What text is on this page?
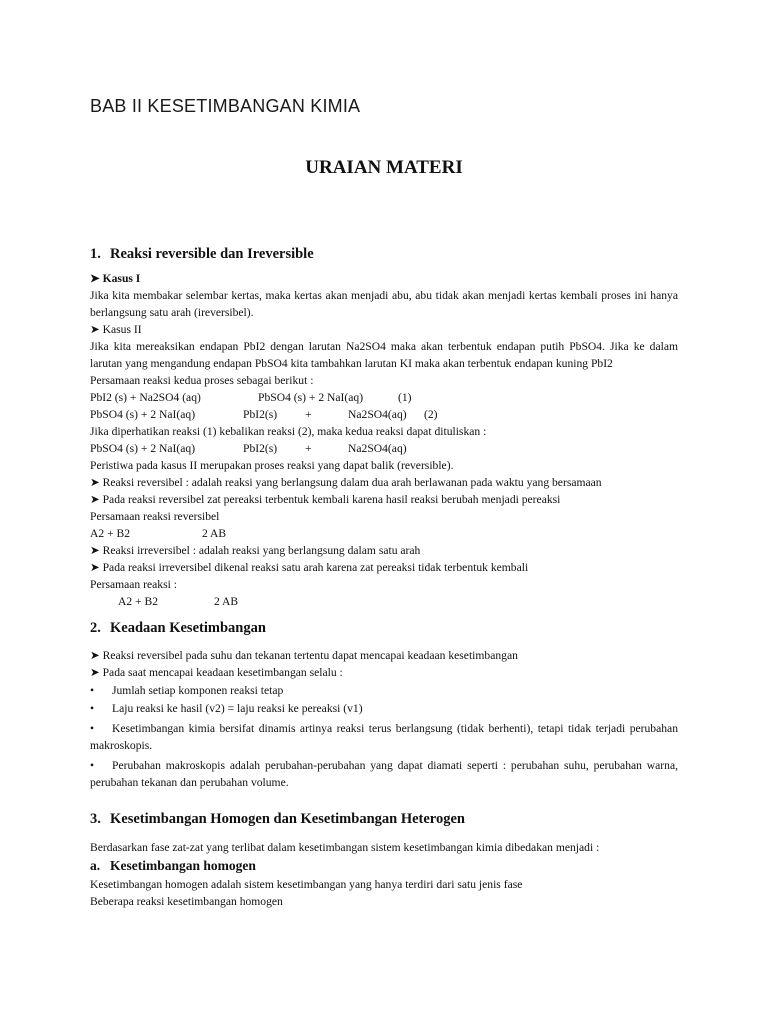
BAB II KESETIMBANGAN KIMIA
URAIAN MATERI
1. Reaksi reversible dan Ireversible
➤ Kasus I
Jika kita membakar selembar kertas, maka kertas akan menjadi abu, abu tidak akan menjadi kertas kembali proses ini hanya berlangsung satu arah (ireversibel).
➤ Kasus II
Jika kita mereaksikan endapan PbI2 dengan larutan Na2SO4 maka akan terbentuk endapan putih PbSO4. Jika ke dalam larutan yang mengandung endapan PbSO4 kita tambahkan larutan KI maka akan terbentuk endapan kuning PbI2
Persamaan reaksi kedua proses sebagai berikut :
PbI2 (s) + Na2SO4 (aq)	PbSO4 (s) + 2 NaI(aq)	(1)
PbSO4 (s) + 2 NaI(aq)	PbI2(s) +	Na2SO4(aq) (2)
Jika diperhatikan reaksi (1) kebalikan reaksi (2), maka kedua reaksi dapat dituliskan :
PbSO4 (s) + 2 NaI(aq)	PbI2(s) +	Na2SO4(aq)
Peristiwa pada kasus II merupakan proses reaksi yang dapat balik (reversible).
➤ Reaksi reversibel : adalah reaksi yang berlangsung dalam dua arah berlawanan pada waktu yang bersamaan
➤ Pada reaksi reversibel zat pereaksi terbentuk kembali karena hasil reaksi berubah menjadi pereaksi
Persamaan reaksi reversibel
A2 + B2	2 AB
➤ Reaksi irreversibel : adalah reaksi yang berlangsung dalam satu arah
➤ Pada reaksi irreversibel dikenal reaksi satu arah karena zat pereaksi tidak terbentuk kembali
Persamaan reaksi :
A2 + B2	2 AB
2. Keadaan Kesetimbangan
➤ Reaksi reversibel pada suhu dan tekanan tertentu dapat mencapai keadaan kesetimbangan
➤ Pada saat mencapai keadaan kesetimbangan selalu :
• Jumlah setiap komponen reaksi tetap
• Laju reaksi ke hasil (v2) = laju reaksi ke pereaksi (v1)
• Kesetimbangan kimia bersifat dinamis artinya reaksi terus berlangsung (tidak berhenti), tetapi tidak terjadi perubahan makroskopis.
• Perubahan makroskopis adalah perubahan-perubahan yang dapat diamati seperti : perubahan suhu, perubahan warna, perubahan tekanan dan perubahan volume.
3. Kesetimbangan Homogen dan Kesetimbangan Heterogen
Berdasarkan fase zat-zat yang terlibat dalam kesetimbangan sistem kesetimbangan kimia dibedakan menjadi :
a. Kesetimbangan homogen
Kesetimbangan homogen adalah sistem kesetimbangan yang hanya terdiri dari satu jenis fase
Beberapa reaksi kesetimbangan homogen
